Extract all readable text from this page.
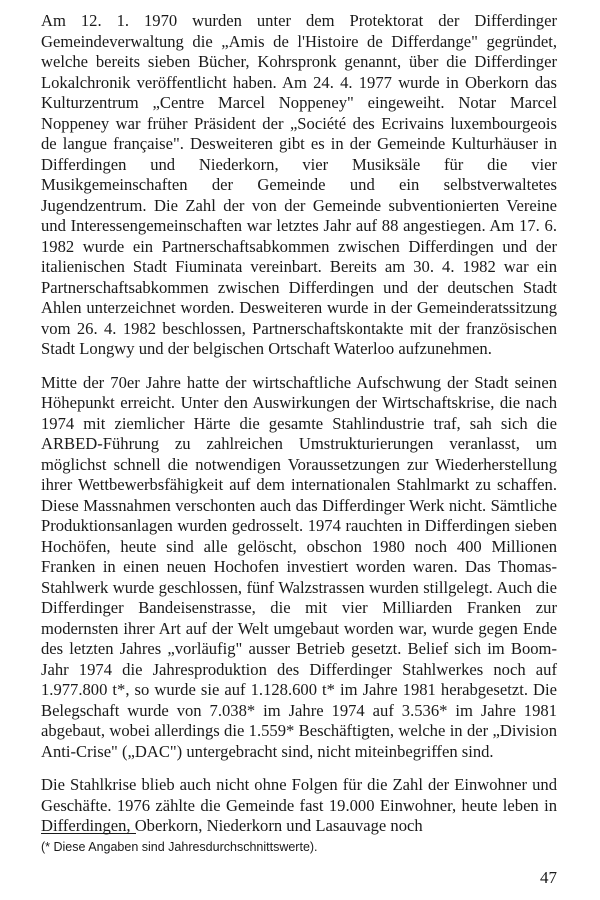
Am 12. 1. 1970 wurden unter dem Protektorat der Differdinger Gemeindeverwaltung die „Amis de l'Histoire de Differdange" gegründet, welche bereits sieben Bücher, Kohrspronk genannt, über die Differdinger Lokalchronik veröffentlicht haben. Am 24. 4. 1977 wurde in Oberkorn das Kulturzentrum „Centre Marcel Noppeney" eingeweiht. Notar Marcel Noppeney war früher Präsident der „Société des Ecrivains luxembourgeois de langue française". Desweiteren gibt es in der Gemeinde Kulturhäuser in Differdingen und Niederkorn, vier Musiksäle für die vier Musikgemeinschaften der Gemeinde und ein selbstverwaltetes Jugendzentrum. Die Zahl der von der Gemeinde subventionierten Vereine und Interessengemeinschaften war letztes Jahr auf 88 angestiegen. Am 17. 6. 1982 wurde ein Partnerschaftsabkommen zwischen Differdingen und der italienischen Stadt Fiuminata vereinbart. Bereits am 30. 4. 1982 war ein Partnerschaftsabkommen zwischen Differdingen und der deutschen Stadt Ahlen unterzeichnet worden. Desweiteren wurde in der Gemeinderatssitzung vom 26. 4. 1982 beschlossen, Partnerschaftskontakte mit der französischen Stadt Longwy und der belgischen Ortschaft Waterloo aufzunehmen.

Mitte der 70er Jahre hatte der wirtschaftliche Aufschwung der Stadt seinen Höhepunkt erreicht. Unter den Auswirkungen der Wirtschaftskrise, die nach 1974 mit ziemlicher Härte die gesamte Stahlindustrie traf, sah sich die ARBED-Führung zu zahlreichen Umstrukturierungen veranlasst, um möglichst schnell die notwendigen Voraussetzungen zur Wiederherstellung ihrer Wettbewerbsfähigkeit auf dem internationalen Stahlmarkt zu schaffen. Diese Massnahmen verschonten auch das Differdinger Werk nicht. Sämtliche Produktionsanlagen wurden gedrosselt. 1974 rauchten in Differdingen sieben Hochöfen, heute sind alle gelöscht, obschon 1980 noch 400 Millionen Franken in einen neuen Hochofen investiert worden waren. Das Thomas-Stahlwerk wurde geschlossen, fünf Walzstrassen wurden stillgelegt. Auch die Differdinger Bandeisenstrasse, die mit vier Milliarden Franken zur modernsten ihrer Art auf der Welt umgebaut worden war, wurde gegen Ende des letzten Jahres „vorläufig" ausser Betrieb gesetzt. Belief sich im Boom-Jahr 1974 die Jahresproduktion des Differdinger Stahlwerkes noch auf 1.977.800 t*, so wurde sie auf 1.128.600 t* im Jahre 1981 herabgesetzt. Die Belegschaft wurde von 7.038* im Jahre 1974 auf 3.536* im Jahre 1981 abgebaut, wobei allerdings die 1.559* Beschäftigten, welche in der „Division Anti-Crise" („DAC") untergebracht sind, nicht miteinbegriffen sind.

Die Stahlkrise blieb auch nicht ohne Folgen für die Zahl der Einwohner und Geschäfte. 1976 zählte die Gemeinde fast 19.000 Einwohner, heute leben in Differdingen, Oberkorn, Niederkorn und Lasauvage noch

(* Diese Angaben sind Jahresdurchschnittswerte).
47
